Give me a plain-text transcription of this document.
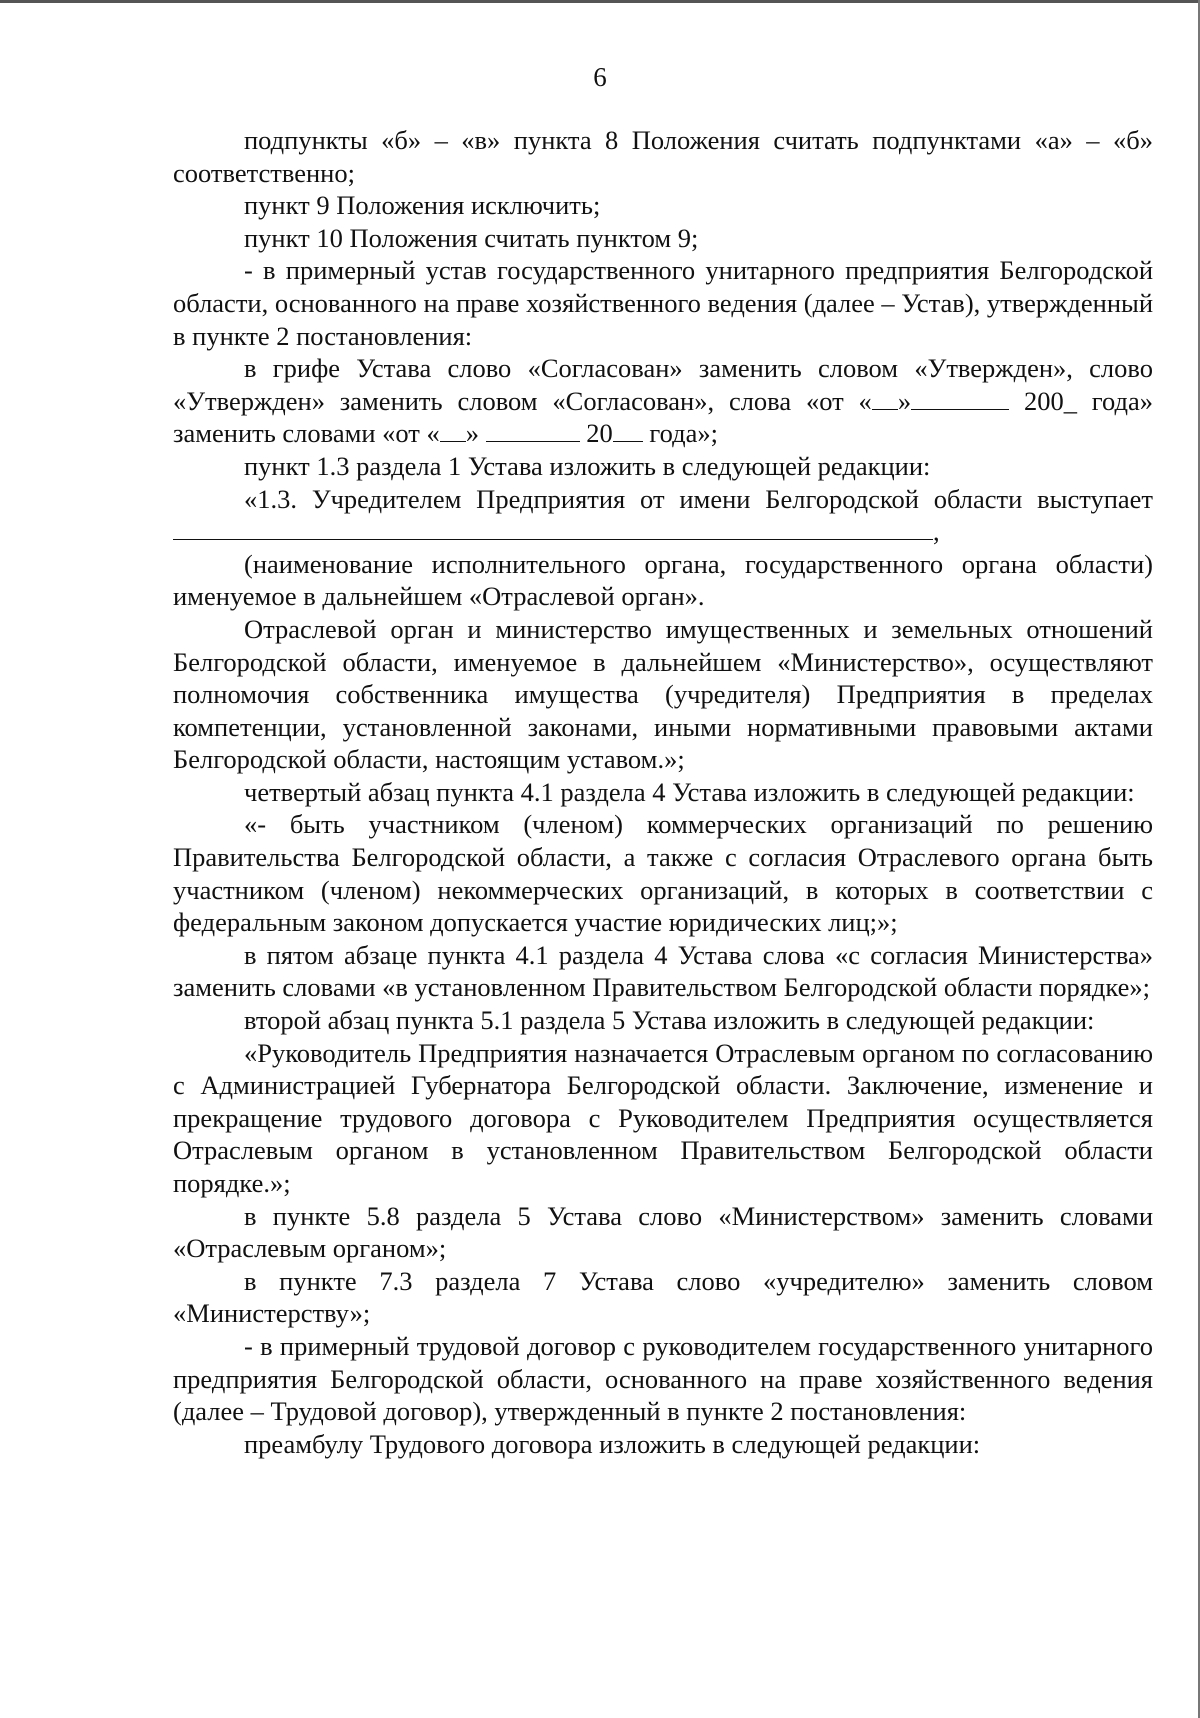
6

подпункты «б» – «в» пункта 8 Положения считать подпунктами «а» – «б» соответственно;

пункт 9 Положения исключить;

пункт 10 Положения считать пунктом 9;

- в примерный устав государственного унитарного предприятия Белгородской области, основанного на праве хозяйственного ведения (далее – Устав), утвержденный в пункте 2 постановления:

в грифе Устава слово «Согласован» заменить словом «Утвержден», слово «Утвержден» заменить словом «Согласован», слова «от « »	200_ года» заменить словами «от « »	20 года»;

пункт 1.3 раздела 1 Устава изложить в следующей редакции:

«1.3. Учредителем Предприятия от имени Белгородской области выступает ,

(наименование исполнительного органа, государственного органа области) именуемое в дальнейшем «Отраслевой орган».

Отраслевой орган и министерство имущественных и земельных отношений Белгородской области, именуемое в дальнейшем «Министерство», осуществляют полномочия собственника имущества (учредителя) Предприятия в пределах компетенции, установленной законами, иными нормативными правовыми актами Белгородской области, настоящим уставом.»;

четвертый абзац пункта 4.1 раздела 4 Устава изложить в следующей редакции:

«- быть участником (членом) коммерческих организаций по решению Правительства Белгородской области, а также с согласия Отраслевого органа быть участником (членом) некоммерческих организаций, в которых в соответствии с федеральным законом допускается участие юридических лиц;»;

в пятом абзаце пункта 4.1 раздела 4 Устава слова «с согласия Министерства» заменить словами «в установленном Правительством Белгородской области порядке»;

второй абзац пункта 5.1 раздела 5 Устава изложить в следующей редакции:

«Руководитель Предприятия назначается Отраслевым органом по согласованию с Администрацией Губернатора Белгородской области. Заключение, изменение и прекращение трудового договора с Руководителем Предприятия осуществляется Отраслевым органом в установленном Правительством Белгородской области порядке.»;

в пункте 5.8 раздела 5 Устава слово «Министерством» заменить словами «Отраслевым органом»;

в пункте 7.3 раздела 7 Устава слово «учредителю» заменить словом «Министерству»;

- в примерный трудовой договор с руководителем государственного унитарного предприятия Белгородской области, основанного на праве хозяйственного ведения (далее – Трудовой договор), утвержденный в пункте 2 постановления:

преамбулу Трудового договора изложить в следующей редакции:
